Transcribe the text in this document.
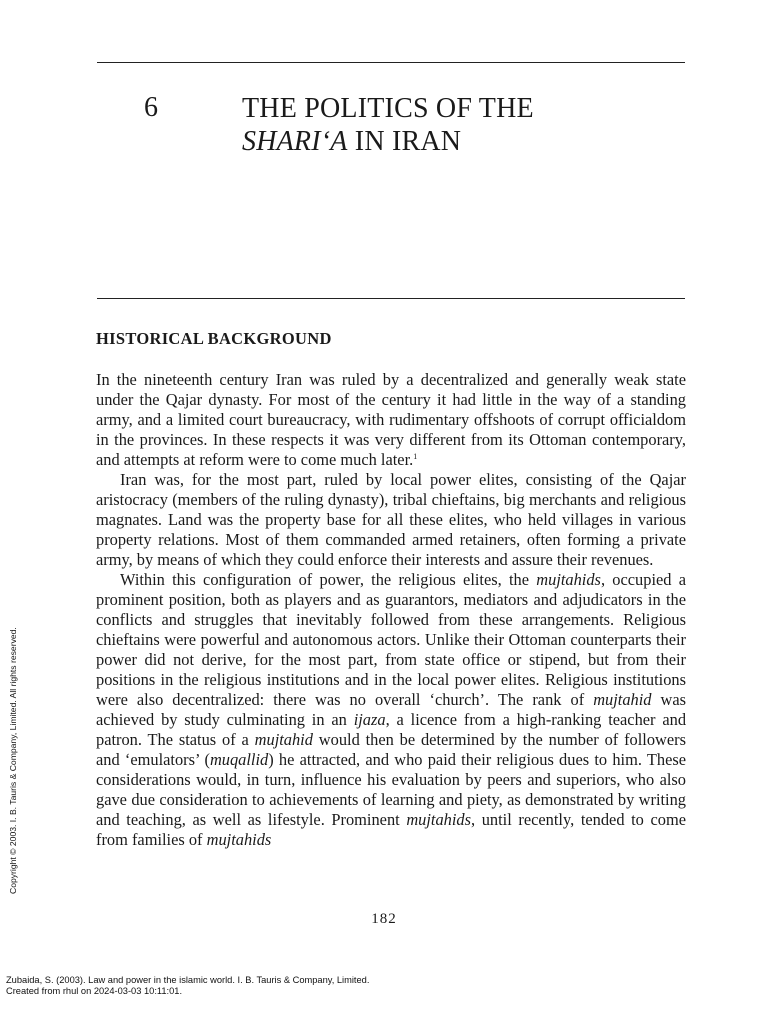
6	THE POLITICS OF THE
SHARI‘A IN IRAN
HISTORICAL BACKGROUND

In the nineteenth century Iran was ruled by a decentralized and generally weak state under the Qajar dynasty. For most of the century it had little in the way of a standing army, and a limited court bureaucracy, with rudimentary offshoots of corrupt officialdom in the provinces. In these respects it was very different from its Ottoman contemporary, and attempts at reform were to come much later.$^1$

Iran was, for the most part, ruled by local power elites, consisting of the Qajar aristocracy (members of the ruling dynasty), tribal chieftains, big merchants and religious magnates. Land was the property base for all these elites, who held villages in various property relations. Most of them commanded armed retainers, often forming a private army, by means of which they could enforce their interests and assure their revenues.

Within this configuration of power, the religious elites, the mujtahids, occupied a prominent position, both as players and as guarantors, mediators and adjudicators in the conflicts and struggles that inevitably followed from these arrangements. Religious chieftains were powerful and autonomous actors. Unlike their Ottoman counterparts their power did not derive, for the most part, from state office or stipend, but from their positions in the religious institutions and in the local power elites. Religious institutions were also decentralized: there was no overall ‘church’. The rank of mujtahid was achieved by study culminating in an ijaza, a licence from a high-ranking teacher and patron. The status of a mujtahid would then be determined by the number of followers and ‘emulators’ (muqallid) he attracted, and who paid their religious dues to him. These considerations would, in turn, influence his evaluation by peers and superiors, who also gave due consideration to achievements of learning and piety, as demonstrated by writing and teaching, as well as lifestyle. Prominent mujtahids, until recently, tended to come from families of mujtahids

182
Copyright © 2003. I. B. Tauris & Company, Limited. All rights reserved.
Zubaida, S. (2003). Law and power in the islamic world. I. B. Tauris & Company, Limited.
Created from rhul on 2024-03-03 10:11:01.
